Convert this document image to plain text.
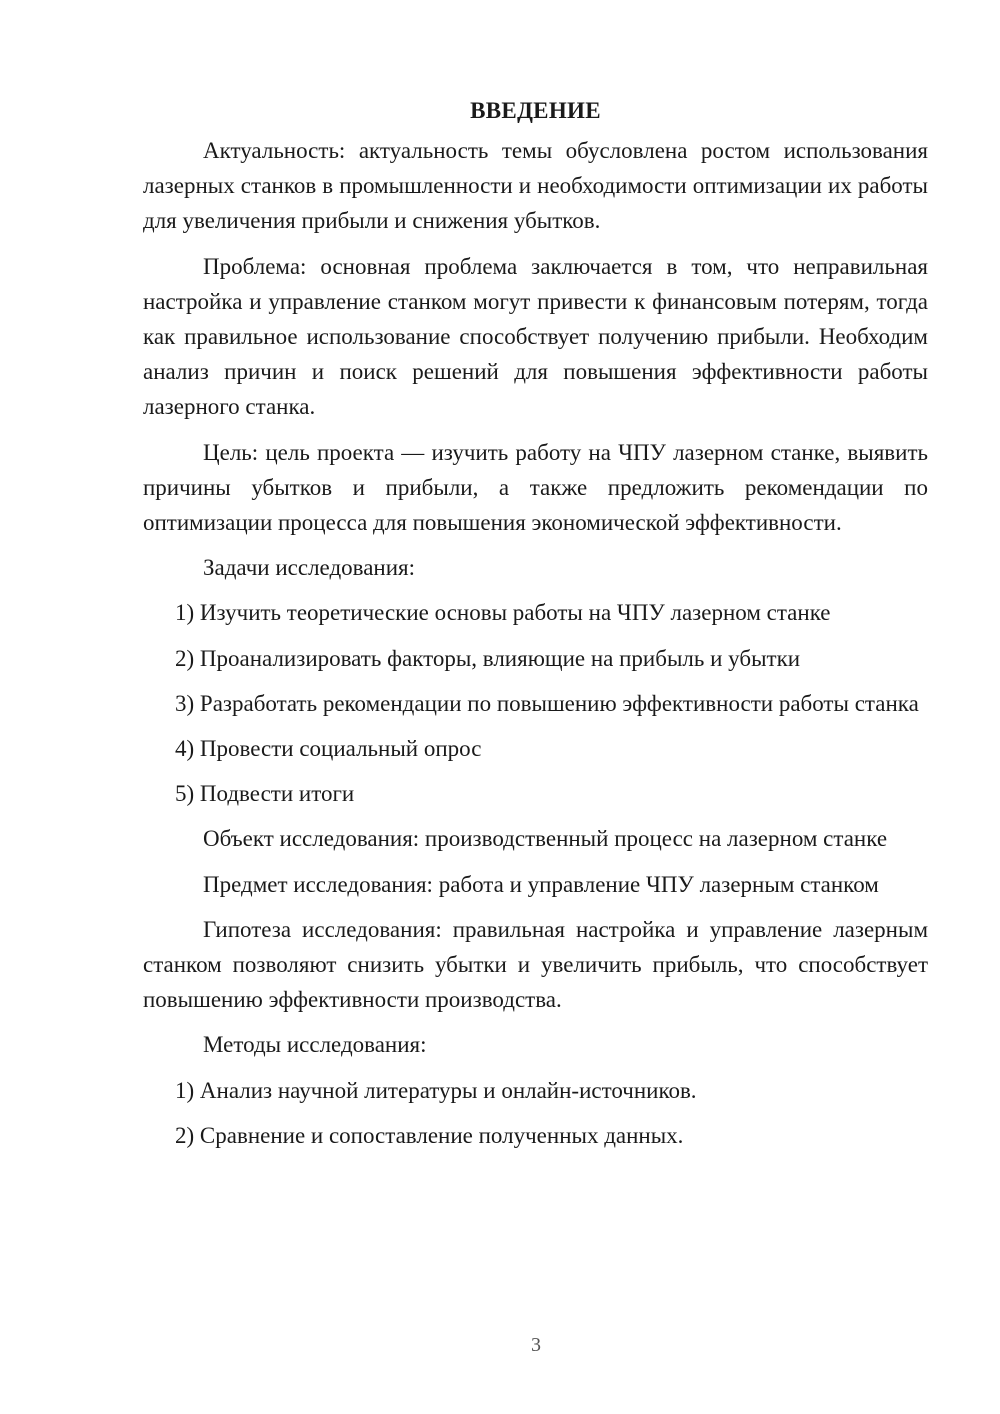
ВВЕДЕНИЕ

Актуальность: актуальность темы обусловлена ростом использования лазерных станков в промышленности и необходимости оптимизации их работы для увеличения прибыли и снижения убытков.

Проблема: основная проблема заключается в том, что неправильная настройка и управление станком могут привести к финансовым потерям, тогда как правильное использование способствует получению прибыли. Необходим анализ причин и поиск решений для повышения эффективности работы лазерного станка.

Цель: цель проекта — изучить работу на ЧПУ лазерном станке, выявить причины убытков и прибыли, а также предложить рекомендации по оптимизации процесса для повышения экономической эффективности.

Задачи исследования:

1) Изучить теоретические основы работы на ЧПУ лазерном станке

2) Проанализировать факторы, влияющие на прибыль и убытки

3) Разработать рекомендации по повышению эффективности работы станка

4) Провести социальный опрос

5) Подвести итоги

Объект исследования: производственный процесс на лазерном станке

Предмет исследования: работа и управление ЧПУ лазерным станком

Гипотеза исследования: правильная настройка и управление лазерным станком позволяют снизить убытки и увеличить прибыль, что способствует повышению эффективности производства.

Методы исследования:

1) Анализ научной литературы и онлайн-источников.

2) Сравнение и сопоставление полученных данных.

3
